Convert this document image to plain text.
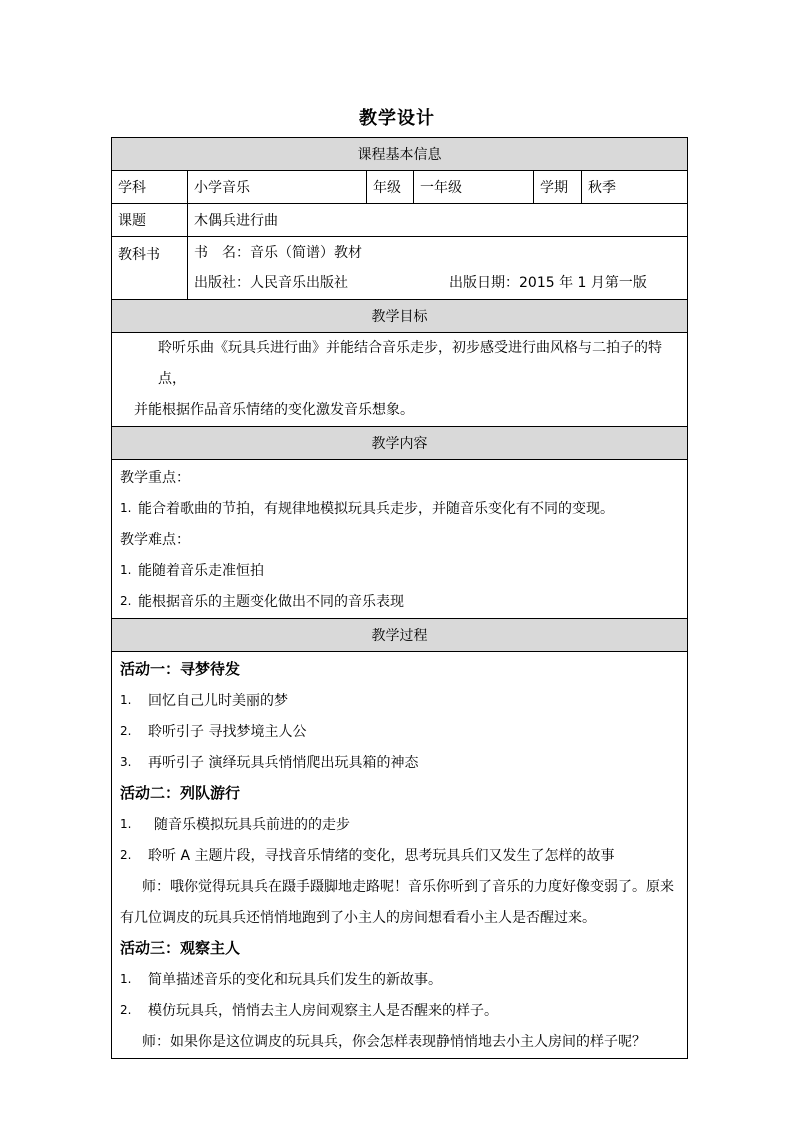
教学设计
课程基本信息
学科	小学音乐	年级	一年级	学期	秋季
课题	木偶兵进行曲
教科书	书　名：音乐（简谱）教材
出版社：人民音乐出版社	出版日期：2015 年 1 月第一版
教学目标
聆听乐曲《玩具兵进行曲》并能结合音乐走步，初步感受进行曲风格与二拍子的特点，
并能根据作品音乐情绪的变化激发音乐想象。
教学内容
教学重点：
1. 能合着歌曲的节拍，有规律地模拟玩具兵走步，并随音乐变化有不同的变现。
教学难点：
1. 能随着音乐走准恒拍
2. 能根据音乐的主题变化做出不同的音乐表现
教学过程
活动一：寻梦待发
1.	回忆自己儿时美丽的梦
2.	聆听引子 寻找梦境主人公
3.	再听引子 演绎玩具兵悄悄爬出玩具箱的神态
活动二：列队游行
1.	随音乐模拟玩具兵前进的的走步
2.	聆听 A 主题片段，寻找音乐情绪的变化，思考玩具兵们又发生了怎样的故事
师：哦你觉得玩具兵在蹑手蹑脚地走路呢！音乐你听到了音乐的力度好像变弱了。原来
有几位调皮的玩具兵还悄悄地跑到了小主人的房间想看看小主人是否醒过来。
活动三：观察主人
1.	简单描述音乐的变化和玩具兵们发生的新故事。
2.	模仿玩具兵，悄悄去主人房间观察主人是否醒来的样子。
师：如果你是这位调皮的玩具兵，你会怎样表现静悄悄地去小主人房间的样子呢？
